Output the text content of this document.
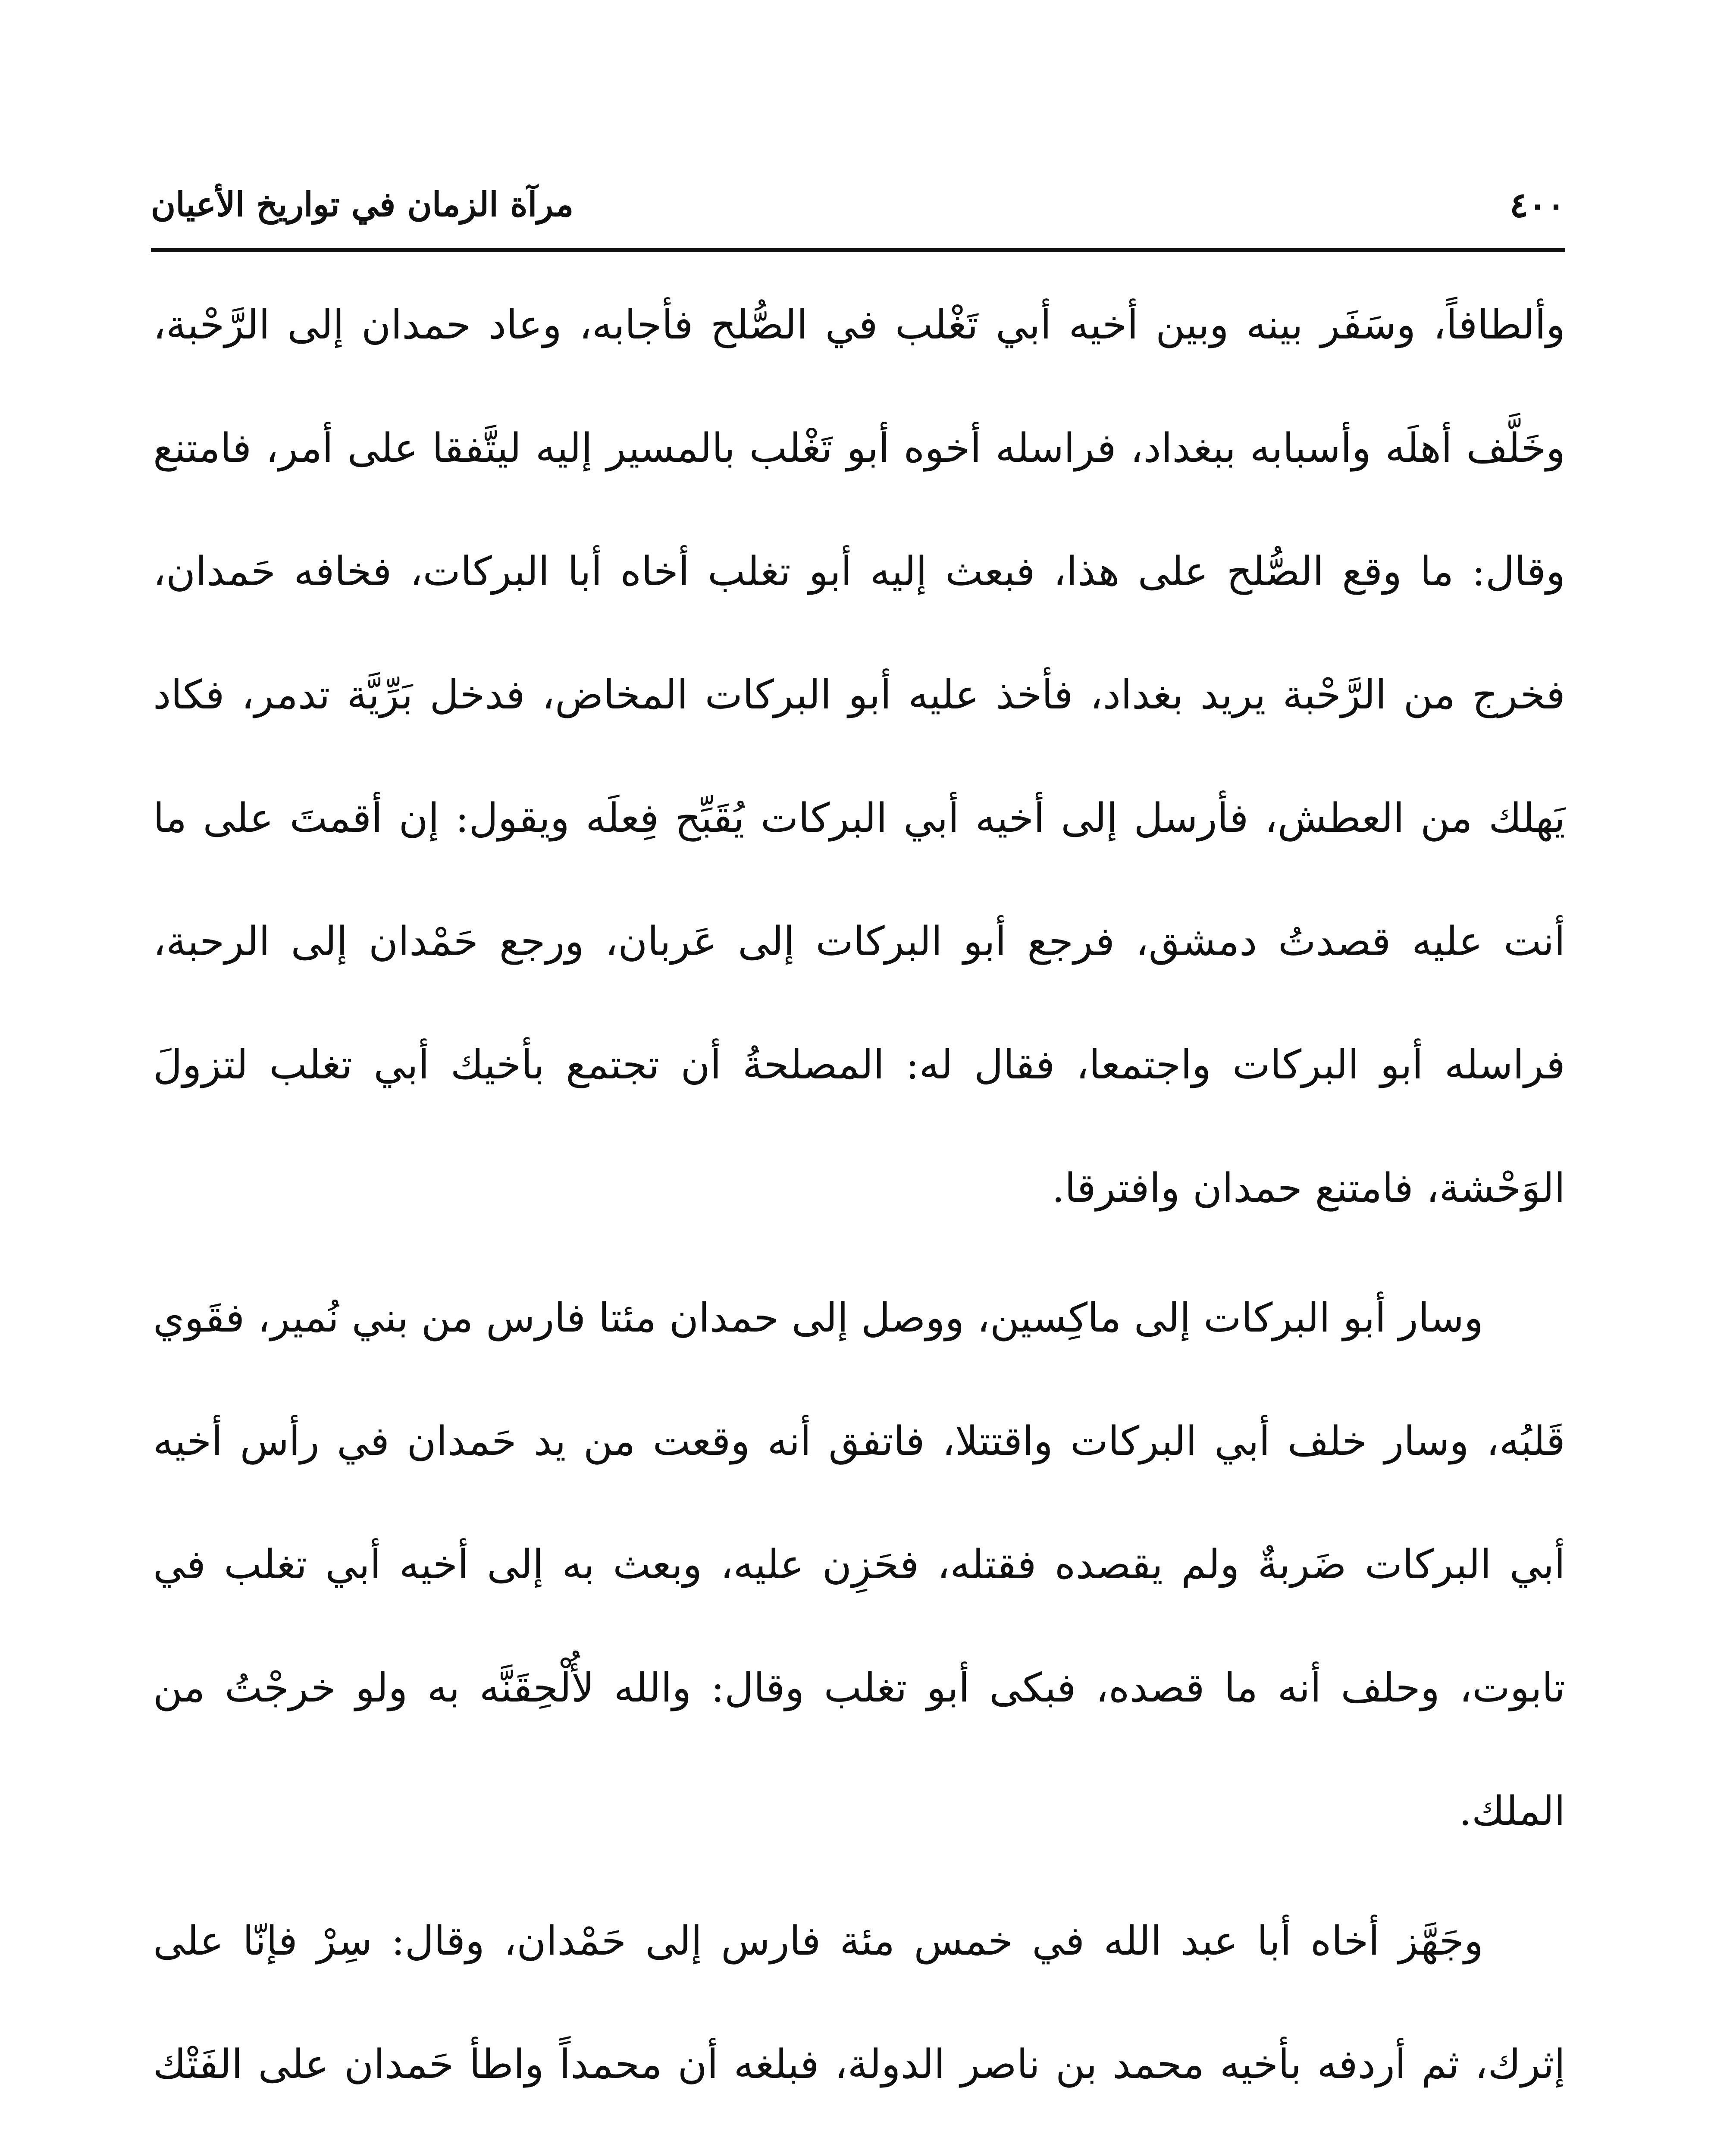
٤٠٠
مرآة الزمان في تواريخ الأعيان

وألطافاً، وسَفَر بينه وبين أخيه أبي تَغْلب في الصُّلح فأجابه، وعاد حمدان إلى الرَّحْبة، وخَلَّف أهلَه وأسبابه ببغداد، فراسله أخوه أبو تَغْلب بالمسير إليه ليتَّفقا على أمر، فامتنع وقال: ما وقع الصُّلح على هذا، فبعث إليه أبو تغلب أخاه أبا البركات، فخافه حَمدان، فخرج من الرَّحْبة يريد بغداد، فأخذ عليه أبو البركات المخاض، فدخل بَرِّيَّة تدمر، فكاد يَهلك من العطش، فأرسل إلى أخيه أبي البركات يُقَبِّح فِعلَه ويقول: إن أقمتَ على ما أنت عليه قصدتُ دمشق، فرجع أبو البركات إلى عَربان، ورجع حَمْدان إلى الرحبة، فراسله أبو البركات واجتمعا، فقال له: المصلحةُ أن تجتمع بأخيك أبي تغلب لتزولَ الوَحْشة، فامتنع حمدان وافترقا.

وسار أبو البركات إلى ماكِسين، ووصل إلى حمدان مئتا فارس من بني نُمير، فقَوي قَلبُه، وسار خلف أبي البركات واقتتلا، فاتفق أنه وقعت من يد حَمدان في رأس أخيه أبي البركات ضَربةٌ ولم يقصده فقتله، فحَزِن عليه، وبعث به إلى أخيه أبي تغلب في تابوت، وحلف أنه ما قصده، فبكى أبو تغلب وقال: والله لأُلْحِقَنَّه به ولو خرجْتُ من الملك.

وجَهَّز أخاه أبا عبد الله في خمس مئة فارس إلى حَمْدان، وقال: سِرْ فإنّا على إثرك، ثم أردفه بأخيه محمد بن ناصر الدولة، فبلغه أن محمداً واطأ حَمدان على الفَتْك
